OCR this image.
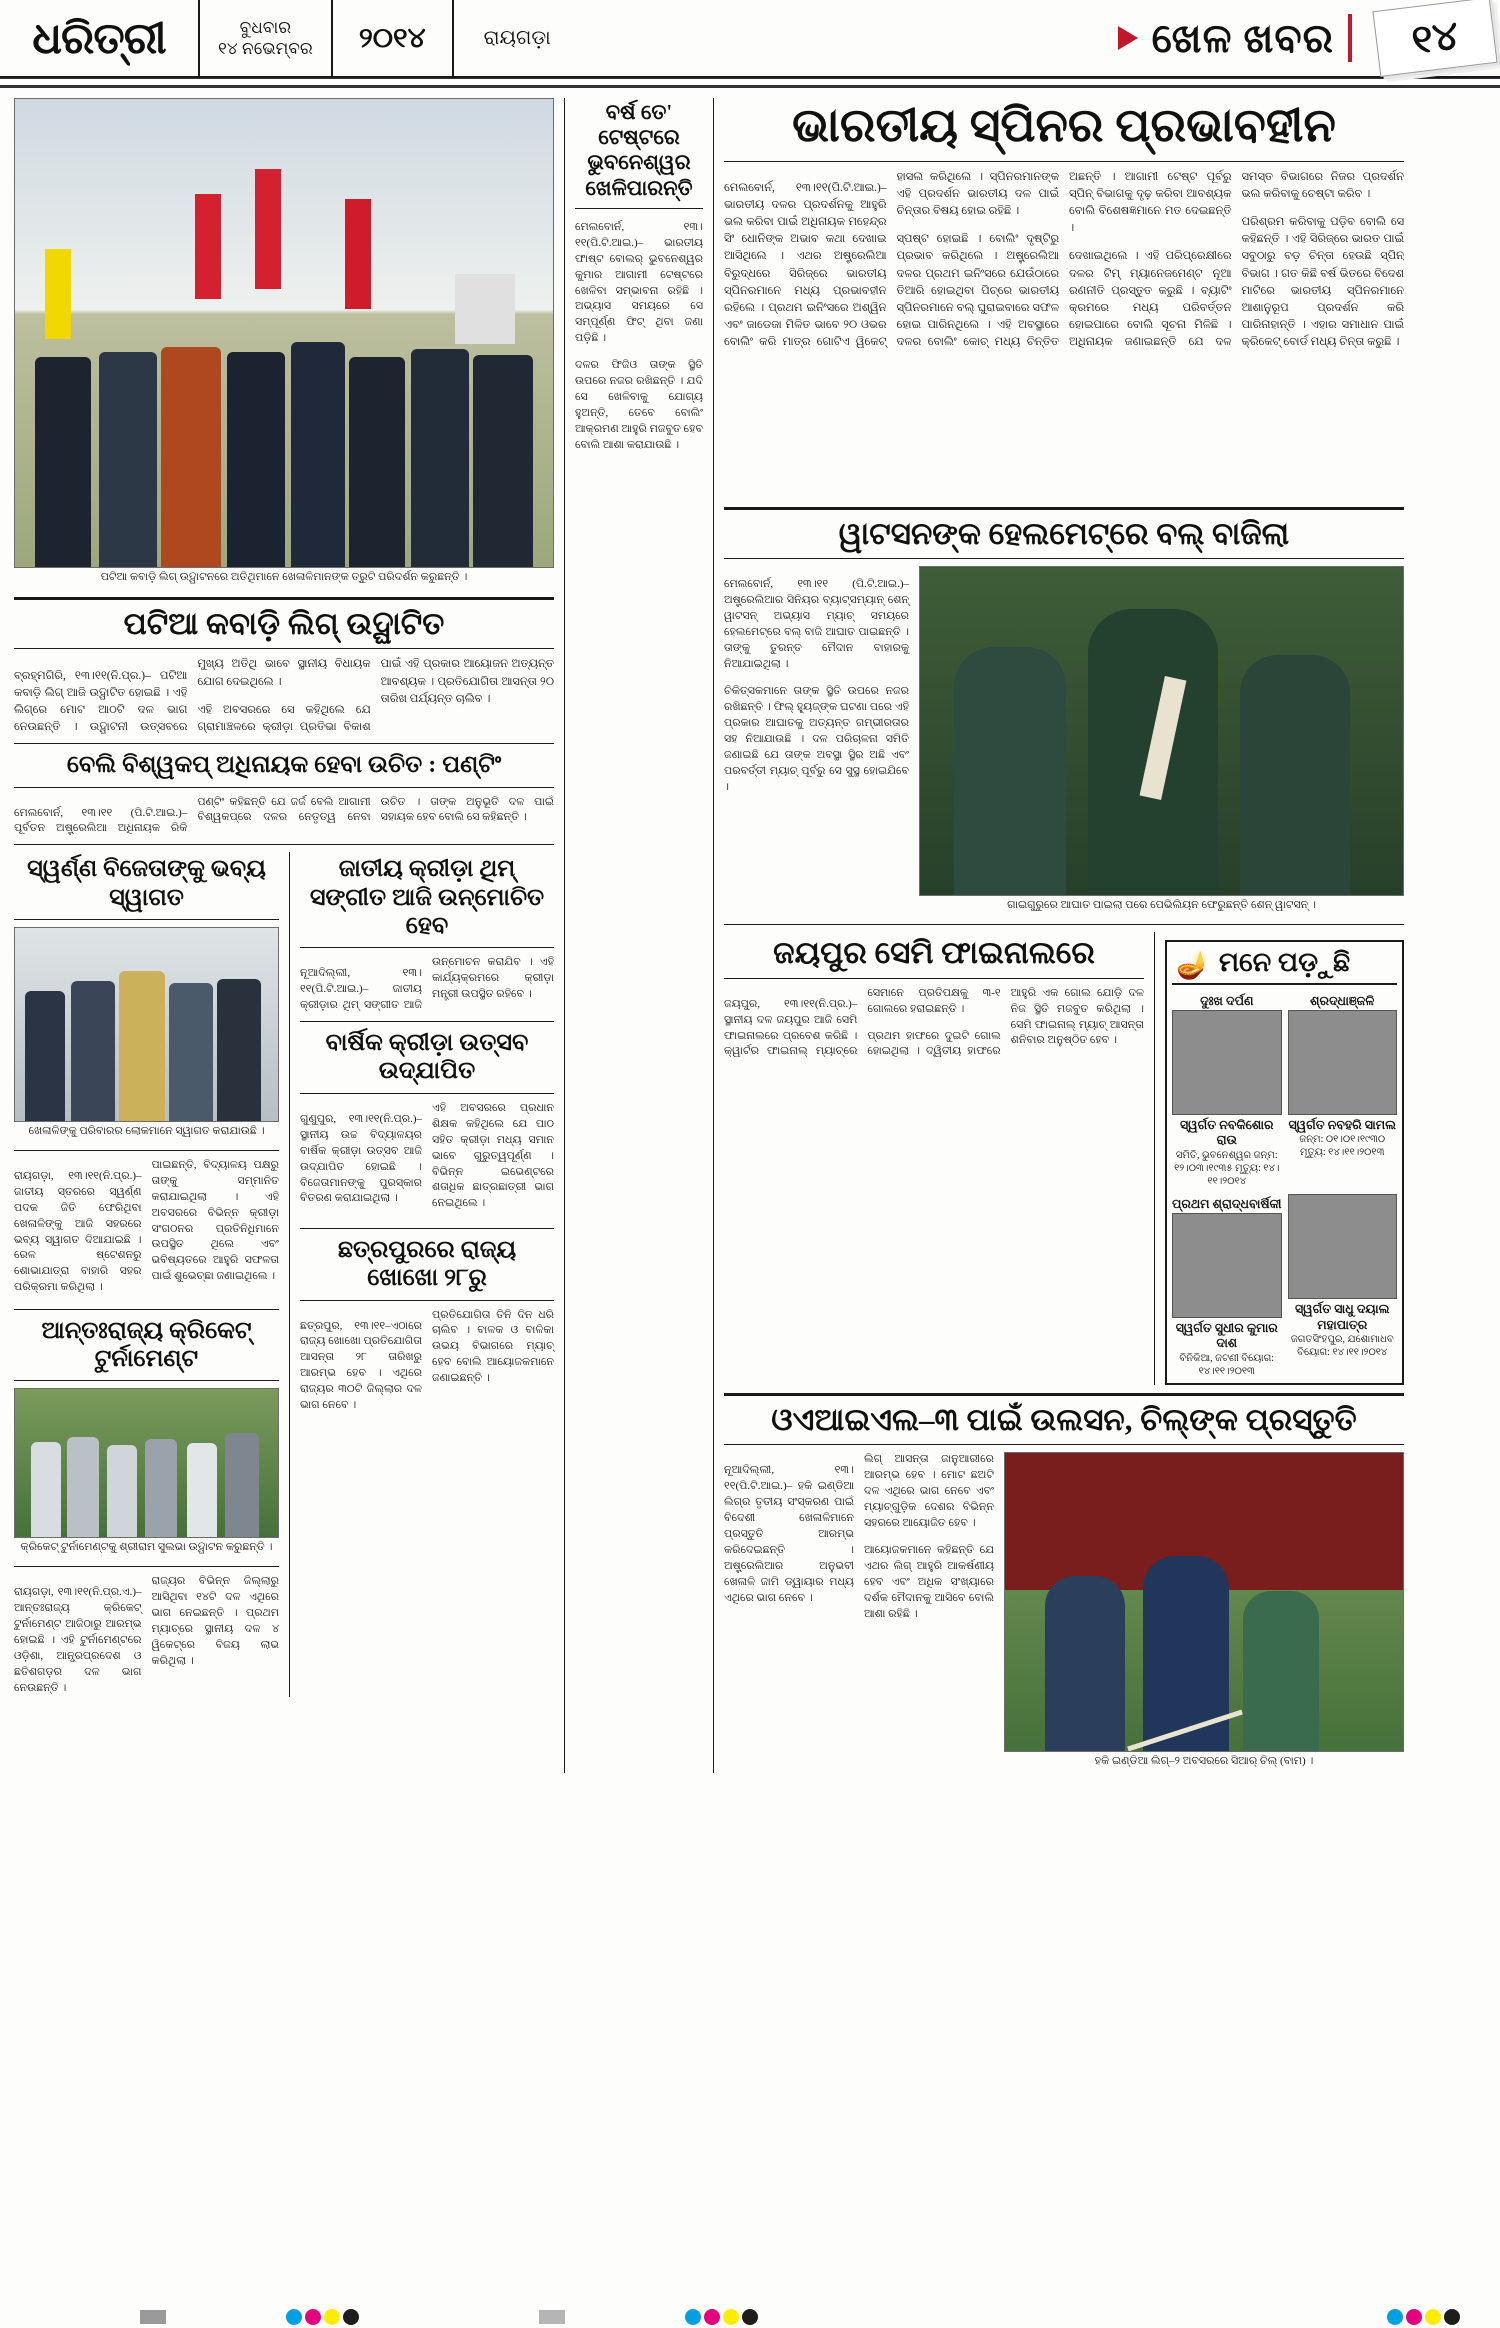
ଧରିତ୍ରୀ	ବୁଧବାର
୧୪ ନଭେମ୍ବର	୨୦୧୪	ରାୟଗଡ଼ା	ଖେଳ ଖବର	୧୪
ପଟିଆ କବାଡ଼ି ଲିଗ୍ ଉଦ୍ଘାଟନରେ ଅତିଥିମାନେ ଖେଳାଳିମାନଙ୍କ ତ୍ରୁଟି ପରିଦର୍ଶନ କରୁଛନ୍ତି ।
ପଟିଆ କବାଡ଼ି ଲିଗ୍ ଉଦ୍ଘାଟିତ

ବ୍ରହ୍ମଗିରି, ୧୩।୧୧(ନି.ପ୍ର.)– ପଟିଆ କବାଡ଼ି ଲିଗ୍ ଆଜି ଉଦ୍ଘାଟିତ ହୋଇଛି । ଏହି ଲିଗ୍‌ରେ ମୋଟ ଆଠଟି ଦଳ ଭାଗ ନେଉଛନ୍ତି । ଉଦ୍ଘାଟନୀ ଉତ୍ସବରେ ମୁଖ୍ୟ ଅତିଥି ଭାବେ ସ୍ଥାନୀୟ ବିଧାୟକ ଯୋଗ ଦେଇଥିଲେ ।

ଏହି ଅବସରରେ ସେ କହିଥିଲେ ଯେ ଗ୍ରାମାଞ୍ଚଳରେ କ୍ରୀଡ଼ା ପ୍ରତିଭା ବିକାଶ ପାଇଁ ଏହି ପ୍ରକାର ଆୟୋଜନ ଅତ୍ୟନ୍ତ ଆବଶ୍ୟକ । ପ୍ରତିଯୋଗିତା ଆସନ୍ତା ୨୦ ତାରିଖ ପର୍ଯ୍ୟନ୍ତ ଚାଲିବ ।

ବେଲି ବିଶ୍ୱକପ୍ ଅଧିନାୟକ ହେବା ଉଚିତ : ପଣ୍ଟିଂ

ମେଲବୋର୍ନ, ୧୩।୧୧ (ପି.ଟି.ଆଇ.)– ପୂର୍ବତନ ଅଷ୍ଟ୍ରେଲିଆ ଅଧିନାୟକ ରିକି ପଣ୍ଟିଂ କହିଛନ୍ତି ଯେ ଜର୍ଜ ବେଲି ଆଗାମୀ ବିଶ୍ୱକପ୍‌ରେ ଦଳର ନେତୃତ୍ୱ ନେବା ଉଚିତ । ତାଙ୍କ ଅନୁଭୂତି ଦଳ ପାଇଁ ସହାୟକ ହେବ ବୋଲି ସେ କହିଛନ୍ତି ।

ସ୍ୱର୍ଣ୍ଣ ବିଜେତାଙ୍କୁ ଭବ୍ୟ ସ୍ୱାଗତ
ଖେଳାଳିଙ୍କୁ ପରିବାରର ଲୋକମାନେ ସ୍ୱାଗତ କରାଯାଉଛି ।

ରାୟଗଡ଼ା, ୧୩।୧୧(ନି.ପ୍ର.)– ଜାତୀୟ ସ୍ତରରେ ସ୍ୱର୍ଣ୍ଣ ପଦକ ଜିତି ଫେରିଥିବା ଖେଳାଳିଙ୍କୁ ଆଜି ସହରରେ ଭବ୍ୟ ସ୍ୱାଗତ ଦିଆଯାଇଛି । ରେଳ ଷ୍ଟେଶନରୁ ଶୋଭାଯାତ୍ରା ବାହାରି ସହର ପରିକ୍ରମା କରିଥିଲା ।

ପାଇଛନ୍ତି, ବିଦ୍ୟାଳୟ ପକ୍ଷରୁ ତାଙ୍କୁ ସମ୍ମାନିତ କରାଯାଇଥିଲା । ଏହି ଅବସରରେ ବିଭିନ୍ନ କ୍ରୀଡ଼ା ସଂଗଠନର ପ୍ରତିନିଧିମାନେ ଉପସ୍ଥିତ ଥିଲେ ଏବଂ ଭବିଷ୍ୟତରେ ଆହୁରି ସଫଳତା ପାଇଁ ଶୁଭେଚ୍ଛା ଜଣାଇଥିଲେ ।

ଆନ୍ତଃରାଜ୍ୟ କ୍ରିକେଟ୍ ଟୁର୍ନାମେଣ୍ଟ
କ୍ରିକେଟ୍ ଟୁର୍ନାମେଣ୍ଟକୁ ଶ୍ରୀରାମ ସୁଲଭା ଉଦ୍ଘାଟନ କରୁଛନ୍ତି ।

ରାୟଗଡ଼ା, ୧୩।୧୧(ନି.ପ୍ର.ଏ.)– ଆନ୍ତଃରାଜ୍ୟ କ୍ରିକେଟ୍ ଟୁର୍ନାମେଣ୍ଟ ଆଜିଠାରୁ ଆରମ୍ଭ ହୋଇଛି । ଏହି ଟୁର୍ନାମେଣ୍ଟରେ ଓଡ଼ିଶା, ଆନ୍ଧ୍ରପ୍ରଦେଶ ଓ ଛତିଶଗଡ଼ର ଦଳ ଭାଗ ନେଉଛନ୍ତି ।

ରାଜ୍ୟର ବିଭିନ୍ନ ଜିଲ୍ଲାରୁ ଆସିଥିବା ୧୪ଟି ଦଳ ଏଥିରେ ଭାଗ ନେଇଛନ୍ତି । ପ୍ରଥମ ମ୍ୟାଚ୍‌ରେ ସ୍ଥାନୀୟ ଦଳ ୪ ୱିକେଟ୍‌ରେ ବିଜୟ ଲାଭ କରିଥିଲା ।

ଜାତୀୟ କ୍ରୀଡ଼ା ଥିମ୍ ସଙ୍ଗୀତ ଆଜି ଉନ୍ମୋଚିତ ହେବ

ନୂଆଦିଲ୍ଲୀ, ୧୩।୧୧(ପି.ଟି.ଆଇ.)– ଜାତୀୟ କ୍ରୀଡ଼ାର ଥିମ୍ ସଙ୍ଗୀତ ଆଜି ଉନ୍ମୋଚନ କରାଯିବ । ଏହି କାର୍ଯ୍ୟକ୍ରମରେ କ୍ରୀଡ଼ା ମନ୍ତ୍ରୀ ଉପସ୍ଥିତ ରହିବେ ।

ବାର୍ଷିକ କ୍ରୀଡ଼ା ଉତ୍ସବ ଉଦ୍‌ଯାପିତ

ଗୁଣୁପୁର, ୧୩।୧୧(ନି.ପ୍ର.)– ସ୍ଥାନୀୟ ଉଚ୍ଚ ବିଦ୍ୟାଳୟର ବାର୍ଷିକ କ୍ରୀଡ଼ା ଉତ୍ସବ ଆଜି ଉଦ୍‌ଯାପିତ ହୋଇଛି । ବିଜେତାମାନଙ୍କୁ ପୁରସ୍କାର ବିତରଣ କରାଯାଇଥିଲା ।

ଏହି ଅବସରରେ ପ୍ରଧାନ ଶିକ୍ଷକ କହିଥିଲେ ଯେ ପାଠ ସହିତ କ୍ରୀଡ଼ା ମଧ୍ୟ ସମାନ ଭାବେ ଗୁରୁତ୍ୱପୂର୍ଣ୍ଣ । ବିଭିନ୍ନ ଇଭେଣ୍ଟରେ ଶତାଧିକ ଛାତ୍ରଛାତ୍ରୀ ଭାଗ ନେଇଥିଲେ ।

ଛତ୍ରପୁରରେ ରାଜ୍ୟ ଖୋ‌ଖୋ ୨୮ରୁ

ଛତ୍ରପୁର, ୧୩।୧୧–ଏଠାରେ ରାଜ୍ୟ ଖୋ‌ଖୋ ପ୍ରତିଯୋଗିତା ଆସନ୍ତା ୨୮ ତାରିଖରୁ ଆରମ୍ଭ ହେବ । ଏଥିରେ ରାଜ୍ୟର ୩୦ଟି ଜିଲ୍ଲାର ଦଳ ଭାଗ ନେବେ ।

ପ୍ରତିଯୋଗିତା ତିନି ଦିନ ଧରି ଚାଲିବ । ବାଳକ ଓ ବାଳିକା ଉଭୟ ବିଭାଗରେ ମ୍ୟାଚ୍ ହେବ ବୋଲି ଆୟୋଜକମାନେ ଜଣାଇଛନ୍ତି ।

ବର୍ଷ ତେ' ଟେଷ୍ଟରେ ଭୁବନେଶ୍ୱର ଖେଳିପାରନ୍ତି

ମେଲବୋର୍ନ, ୧୩।୧୧(ପି.ଟି.ଆଇ.)– ଭାରତୀୟ ଫାଷ୍ଟ ବୋଲର୍ ଭୁବନେଶ୍ୱର କୁମାର ଆଗାମୀ ଟେଷ୍ଟରେ ଖେଳିବା ସମ୍ଭାବନା ରହିଛି । ଅଭ୍ୟାସ ସମୟରେ ସେ ସମ୍ପୂର୍ଣ୍ଣ ଫିଟ୍ ଥିବା ଜଣା ପଡ଼ିଛି ।

ଦଳର ଫିଜିଓ ତାଙ୍କ ସ୍ଥିତି ଉପରେ ନଜର ରଖିଛନ୍ତି । ଯଦି ସେ ଖେଳିବାକୁ ଯୋଗ୍ୟ ହୁଅନ୍ତି, ତେବେ ବୋଲିଂ ଆକ୍ରମଣ ଆହୁରି ମଜବୁତ ହେବ ବୋଲି ଆଶା କରାଯାଉଛି ।

ଭାରତୀୟ ସ୍ପିନର ପ୍ରଭାବହୀନ

ମେଲବୋର୍ନ, ୧୩।୧୧(ପି.ଟି.ଆଇ.)– ଭାରତୀୟ ଦଳର ପ୍ରଦର୍ଶନକୁ ଆହୁରି ଭଲ କରିବା ପାଇଁ ଅଧିନାୟକ ମହେନ୍ଦ୍ର ସିଂ ଧୋନିଙ୍କ ଅଭାବ କଥା ଦେଖାଇ ଆସିଥିଲେ । ଏଥର ଅଷ୍ଟ୍ରେଲିଆ ବିରୁଦ୍ଧରେ ସିରିଜ୍‌ରେ ଭାରତୀୟ ସ୍ପିନର‌ମାନେ ମଧ୍ୟ ପ୍ରଭାବହୀନ ରହିଲେ । ପ୍ରଥମ ଇନିଂସରେ ଅଶ୍ୱିନ ଏବଂ ଜାଡେଜା ମିଳିତ ଭାବେ ୨୦ ଓଭର ବୋଲିଂ କରି ମାତ୍ର ଗୋଟିଏ ୱିକେଟ୍ ହାସଲ କରିଥିଲେ । ସ୍ପିନର‌ମାନଙ୍କ ଏହି ପ୍ରଦର୍ଶନ ଭାରତୀୟ ଦଳ ପାଇଁ ଚିନ୍ତାର ବିଷୟ ହୋଇ ରହିଛି ।

ସ୍ପଷ୍ଟ ହୋଇଛି । ବୋଲିଂ ଦୃଷ୍ଟିରୁ ପ୍ରଭାବ କରିଥିଲେ । ଅଷ୍ଟ୍ରେଲିଆ ଦଳର ପ୍ରଥମ ଇନିଂସରେ ଯେଉଁଠାରେ ତିଆରି ହୋଇଥିବା ପିଚ୍‌ରେ ଭାରତୀୟ ସ୍ପିନର‌ମାନେ ବଲ୍ ଘୁରାଇବାରେ ସଫଳ ହୋଇ ପାରିନଥିଲେ । ଏହି ଅବସ୍ଥାରେ ଦଳର ବୋଲିଂ କୋଚ୍ ମଧ୍ୟ ଚିନ୍ତିତ ଅଛନ୍ତି । ଆଗାମୀ ଟେଷ୍ଟ ପୂର୍ବରୁ ସ୍ପିନ୍ ବିଭାଗକୁ ଦୃଢ଼ କରିବା ଆବଶ୍ୟକ ବୋଲି ବିଶେଷଜ୍ଞମାନେ ମତ ଦେଇଛନ୍ତି ।

ଦେଖାଇଥିଲେ । ଏହି ପରିପ୍ରେକ୍ଷୀରେ ଦଳର ଟିମ୍ ମ୍ୟାନେଜମେଣ୍ଟ ନୂଆ ରଣନୀତି ପ୍ରସ୍ତୁତ କରୁଛି । ବ୍ୟାଟିଂ କ୍ରମରେ ମଧ୍ୟ ପରିବର୍ତ୍ତନ ହୋଇପାରେ ବୋଲି ସୂଚନା ମିଳିଛି । ଅଧିନାୟକ ଜଣାଇଛନ୍ତି ଯେ ଦଳ ସମସ୍ତ ବିଭାଗରେ ନିଜର ପ୍ରଦର୍ଶନ ଭଲ କରିବାକୁ ଚେଷ୍ଟା କରିବ ।

ପରିଶ୍ରମ କରିବାକୁ ପଡ଼ିବ ବୋଲି ସେ କହିଛନ୍ତି । ଏହି ସିରିଜ୍‌ରେ ଭାରତ ପାଇଁ ସବୁଠାରୁ ବଡ଼ ଚିନ୍ତା ହେଉଛି ସ୍ପିନ୍ ବିଭାଗ । ଗତ କିଛି ବର୍ଷ ଭିତରେ ବିଦେଶ ମାଟିରେ ଭାରତୀୟ ସ୍ପିନର‌ମାନେ ଆଶାନୁରୂପ ପ୍ରଦର୍ଶନ କରି ପାରିନାହାନ୍ତି । ଏହାର ସମାଧାନ ପାଇଁ କ୍ରିକେଟ୍ ବୋର୍ଡ ମଧ୍ୟ ଚିନ୍ତା କରୁଛି ।

ୱାଟସନଙ୍କ ହେଲମେଟ୍‌ରେ ବଲ୍ ବାଜିଲା

ମେଲବୋର୍ନ, ୧୩।୧୧ (ପି.ଟି.ଆଇ.)– ଅଷ୍ଟ୍ରେଲିଆର ସିନିୟର ବ୍ୟାଟ୍‌ସମ୍ୟାନ୍ ଶେନ୍ ୱାଟସନ୍ ଅଭ୍ୟାସ ମ୍ୟାଚ୍ ସମୟରେ ହେଲମେଟ୍‌ରେ ବଲ୍ ବାଜି ଆଘାତ ପାଇଛନ୍ତି । ତାଙ୍କୁ ତୁରନ୍ତ ମୈଦାନ ବାହାରକୁ ନିଆଯାଇଥିଲା ।

ଚିକିତ୍ସକମାନେ ତାଙ୍କ ସ୍ଥିତି ଉପରେ ନଜର ରଖିଛନ୍ତି । ଫିଲ୍ ହ୍ୟୁଜ୍‌ଙ୍କ ଘଟଣା ପରେ ଏହି ପ୍ରକାର ଆଘାତକୁ ଅତ୍ୟନ୍ତ ଗମ୍ଭୀରତାର ସହ ନିଆଯାଉଛି । ଦଳ ପରିଚାଳନା ସମିତି ଜଣାଇଛି ଯେ ତାଙ୍କ ଅବସ୍ଥା ସ୍ଥିର ଅଛି ଏବଂ ପରବର୍ତ୍ତୀ ମ୍ୟାଚ୍ ପୂର୍ବରୁ ସେ ସୁସ୍ଥ ହୋଇଯିବେ ।

ଗାଇଗୁରୁରେ ଆଘାତ ପାଇଲା ପରେ ପେଭିଲିୟନ ଫେରୁଛନ୍ତି ଶେନ୍ ୱାଟସନ୍ ।
ଜୟପୁର ସେମି ଫାଇନାଲରେ

ଜୟପୁର, ୧୩।୧୧(ନି.ପ୍ର.)– ସ୍ଥାନୀୟ ଦଳ ଜୟପୁର ଆଜି ସେମି ଫାଇନାଲରେ ପ୍ରବେଶ କରିଛି । କ୍ୱାର୍ଟର ଫାଇନାଲ୍ ମ୍ୟାଚ୍‌ରେ ସେମାନେ ପ୍ରତିପକ୍ଷକୁ ୩-୧ ଗୋଲରେ ହରାଇଛନ୍ତି ।

ପ୍ରଥମ ହାଫରେ ଦୁଇଟି ଗୋଲ ହୋଇଥିଲା । ଦ୍ୱିତୀୟ ହାଫରେ ଆହୁରି ଏକ ଗୋଲ ଯୋଡ଼ି ଦଳ ନିଜ ସ୍ଥିତି ମଜବୁତ କରିଥିଲା । ସେମି ଫାଇନାଲ୍ ମ୍ୟାଚ୍ ଆସନ୍ତା ଶନିବାର ଅନୁଷ୍ଠିତ ହେବ ।

🪔 ମନେ ପଡ଼ୁଛି
ଦୁଃଖ ଦର୍ପଣ
ସ୍ୱର୍ଗତ ନବକିଶୋର ରାଉ
ସମିତି, ଭୁବନେଶ୍ୱର ଜନ୍ମ: ୧୨।୦୩।୧୯୩୫ ମୃତ୍ୟୁ: ୧୪।୧୧।୨୦୧୪
ଶ୍ରଦ୍ଧାଞ୍ଜଳି
ସ୍ୱର୍ଗତ ନବହରି ସାମଲ
ଜନ୍ମ: ୦୧।୦୧।୧୯୩୦ ମୃତ୍ୟୁ: ୧୪।୧୧।୨୦୧୩
ପ୍ରଥମ ଶ୍ରାଦ୍ଧବାର୍ଷିକୀ
ସ୍ୱର୍ଗତ ସୁଧୀର କୁମାର ଦାଶ
ବିନିକିଆ, ଜଟଣୀ ବିୟୋଗ: ୧୪।୧୧।୨୦୧୩
ସ୍ୱର୍ଗତ ସାଧୁ ଦୟାଲ ମହାପାତ୍ର
ଜଗତସିଂହପୁର, ଯଶୋମାଧବ ବିୟୋଗ: ୧୪।୧୧।୨୦୧୪
ଓଏଆଇଏଲ–୩ ପାଇଁ ଉଲସନ, ଚିଲ୍‌ଙ୍କ ପ୍ରସ୍ତୁତି

ନୂଆଦିଲ୍ଲୀ, ୧୩।୧୧(ପି.ଟି.ଆଇ.)– ହକି ଇଣ୍ଡିଆ ଲିଗ୍‌ର ତୃତୀୟ ସଂସ୍କରଣ ପାଇଁ ବିଦେଶୀ ଖେଳାଳିମାନେ ପ୍ରସ୍ତୁତି ଆରମ୍ଭ କରିଦେଇଛନ୍ତି । ଅଷ୍ଟ୍ରେଲିଆର ଅନୁଭବୀ ଖେଳାଳି ଜାମି ଡ୍ୱାୟାର ମଧ୍ୟ ଏଥିରେ ଭାଗ ନେବେ ।

ଲିଗ୍ ଆସନ୍ତା ଜାନୁଆରୀରେ ଆରମ୍ଭ ହେବ । ମୋଟ ଛଅଟି ଦଳ ଏଥିରେ ଭାଗ ନେବେ ଏବଂ ମ୍ୟାଚ୍‌ଗୁଡ଼ିକ ଦେଶର ବିଭିନ୍ନ ସହରରେ ଆୟୋଜିତ ହେବ ।

ଆୟୋଜକମାନେ କହିଛନ୍ତି ଯେ ଏଥର ଲିଗ୍ ଆହୁରି ଆକର୍ଷଣୀୟ ହେବ ଏବଂ ଅଧିକ ସଂଖ୍ୟାରେ ଦର୍ଶକ ମୈଦାନକୁ ଆସିବେ ବୋଲି ଆଶା ରହିଛି ।

ହକି ଇଣ୍ଡିଆ ଲିଗ୍–୨ ଅବସରରେ ସିଆର୍ ଚିଲ୍ (ବାମ) ।
